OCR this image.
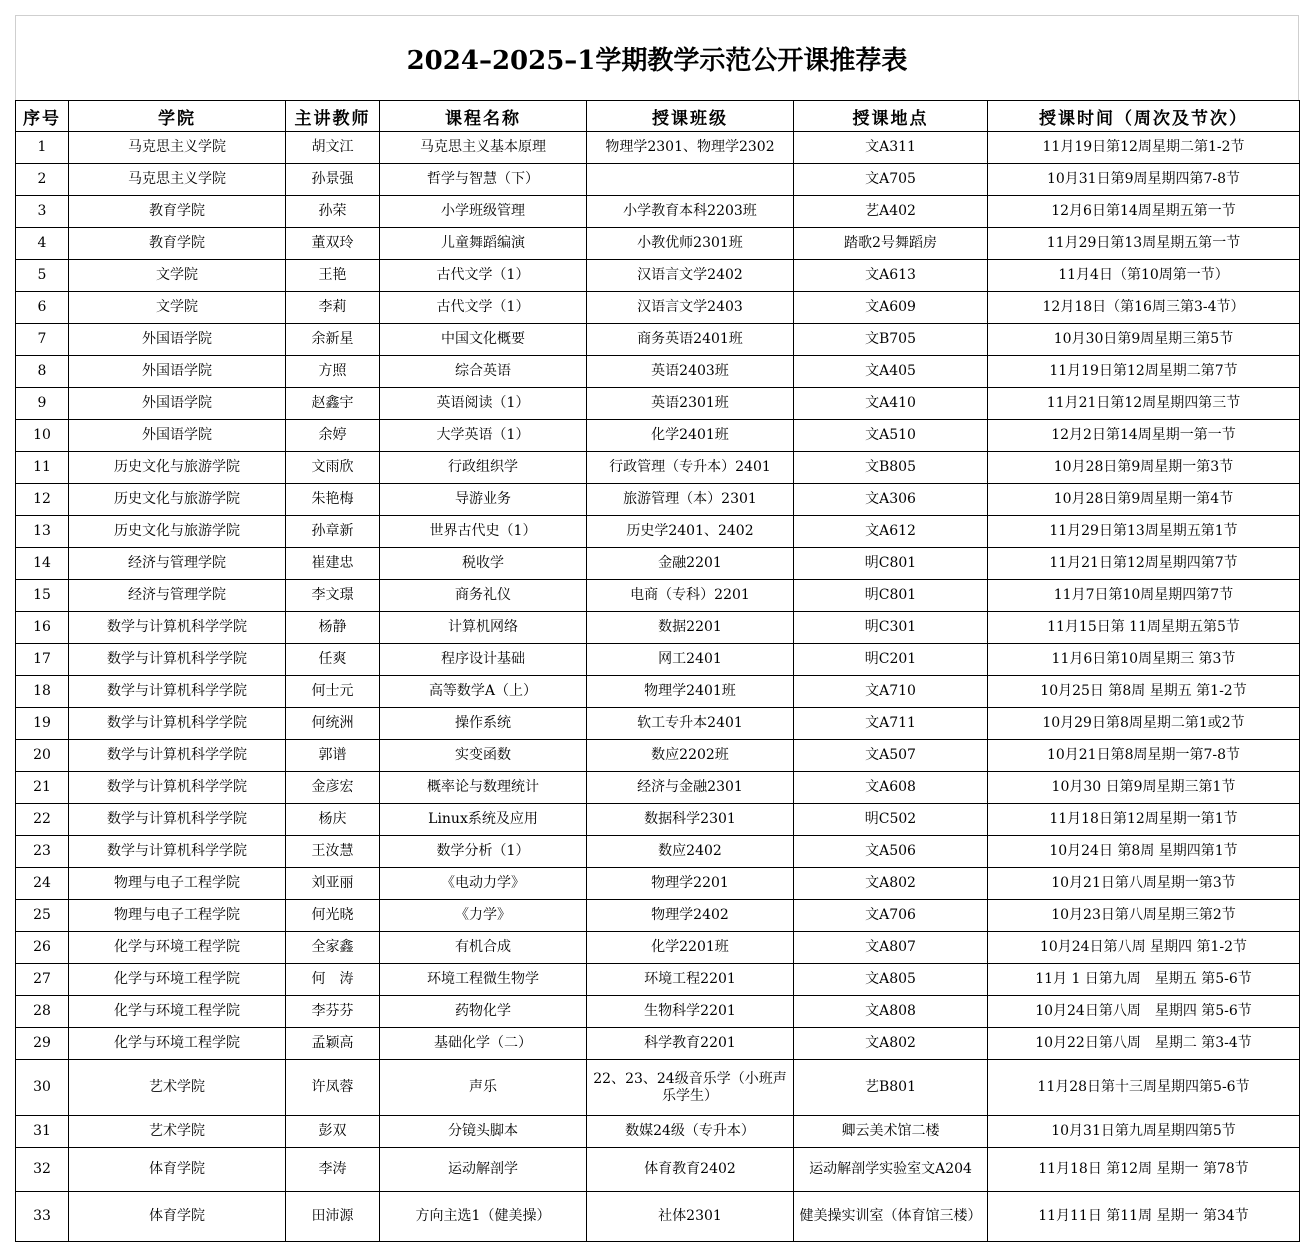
2024–2025–1学期教学示范公开课推荐表
序号	学院	主讲教师	课程名称	授课班级	授课地点	授课时间（周次及节次）
1	马克思主义学院	胡文江	马克思主义基本原理	物理学2301、物理学2302	文A311	11月19日第12周星期二第1-2节
2	马克思主义学院	孙景强	哲学与智慧（下）		文A705	10月31日第9周星期四第7-8节
3	教育学院	孙荣	小学班级管理	小学教育本科2203班	艺A402	12月6日第14周星期五第一节
4	教育学院	董双玲	儿童舞蹈编演	小教优师2301班	踏歌2号舞蹈房	11月29日第13周星期五第一节
5	文学院	王艳	古代文学（1）	汉语言文学2402	文A613	11月4日（第10周第一节）
6	文学院	李莉	古代文学（1）	汉语言文学2403	文A609	12月18日（第16周三第3-4节）
7	外国语学院	余新星	中国文化概要	商务英语2401班	文B705	10月30日第9周星期三第5节
8	外国语学院	方照	综合英语	英语2403班	文A405	11月19日第12周星期二第7节
9	外国语学院	赵鑫宇	英语阅读（1）	英语2301班	文A410	11月21日第12周星期四第三节
10	外国语学院	余婷	大学英语（1）	化学2401班	文A510	12月2日第14周星期一第一节
11	历史文化与旅游学院	文雨欣	行政组织学	行政管理（专升本）2401	文B805	10月28日第9周星期一第3节
12	历史文化与旅游学院	朱艳梅	导游业务	旅游管理（本）2301	文A306	10月28日第9周星期一第4节
13	历史文化与旅游学院	孙章新	世界古代史（1）	历史学2401、2402	文A612	11月29日第13周星期五第1节
14	经济与管理学院	崔建忠	税收学	金融2201	明C801	11月21日第12周星期四第7节
15	经济与管理学院	李文璟	商务礼仪	电商（专科）2201	明C801	11月7日第10周星期四第7节
16	数学与计算机科学学院	杨静	计算机网络	数据2201	明C301	11月15日第 11周星期五第5节
17	数学与计算机科学学院	任爽	程序设计基础	网工2401	明C201	11月6日第10周星期三 第3节
18	数学与计算机科学学院	何士元	高等数学A（上）	物理学2401班	文A710	10月25日 第8周 星期五 第1-2节
19	数学与计算机科学学院	何统洲	操作系统	软工专升本2401	文A711	10月29日第8周星期二第1或2节
20	数学与计算机科学学院	郭谱	实变函数	数应2202班	文A507	10月21日第8周星期一第7-8节
21	数学与计算机科学学院	金彦宏	概率论与数理统计	经济与金融2301	文A608	10月30 日第9周星期三第1节
22	数学与计算机科学学院	杨庆	Linux系统及应用	数据科学2301	明C502	11月18日第12周星期一第1节
23	数学与计算机科学学院	王汝慧	数学分析（1）	数应2402	文A506	10月24日 第8周 星期四第1节
24	物理与电子工程学院	刘亚丽	《电动力学》	物理学2201	文A802	10月21日第八周星期一第3节
25	物理与电子工程学院	何光晓	《力学》	物理学2402	文A706	10月23日第八周星期三第2节
26	化学与环境工程学院	全家鑫	有机合成	化学2201班	文A807	10月24日第八周 星期四 第1-2节
27	化学与环境工程学院	何　涛	环境工程微生物学	环境工程2201	文A805	11月 1 日第九周　星期五 第5-6节
28	化学与环境工程学院	李芬芬	药物化学	生物科学2201	文A808	10月24日第八周　星期四 第5-6节
29	化学与环境工程学院	孟颖高	基础化学（二）	科学教育2201	文A802	10月22日第八周　星期二 第3-4节
30	艺术学院	许凤蓉	声乐	22、23、24级音乐学（小班声乐学生）	艺B801	11月28日第十三周星期四第5-6节
31	艺术学院	彭双	分镜头脚本	数媒24级（专升本）	卿云美术馆二楼	10月31日第九周星期四第5节
32	体育学院	李涛	运动解剖学	体育教育2402	运动解剖学实验室文A204	11月18日 第12周 星期一 第78节
33	体育学院	田沛源	方向主选1（健美操）	社体2301	健美操实训室（体育馆三楼）	11月11日 第11周 星期一 第34节
